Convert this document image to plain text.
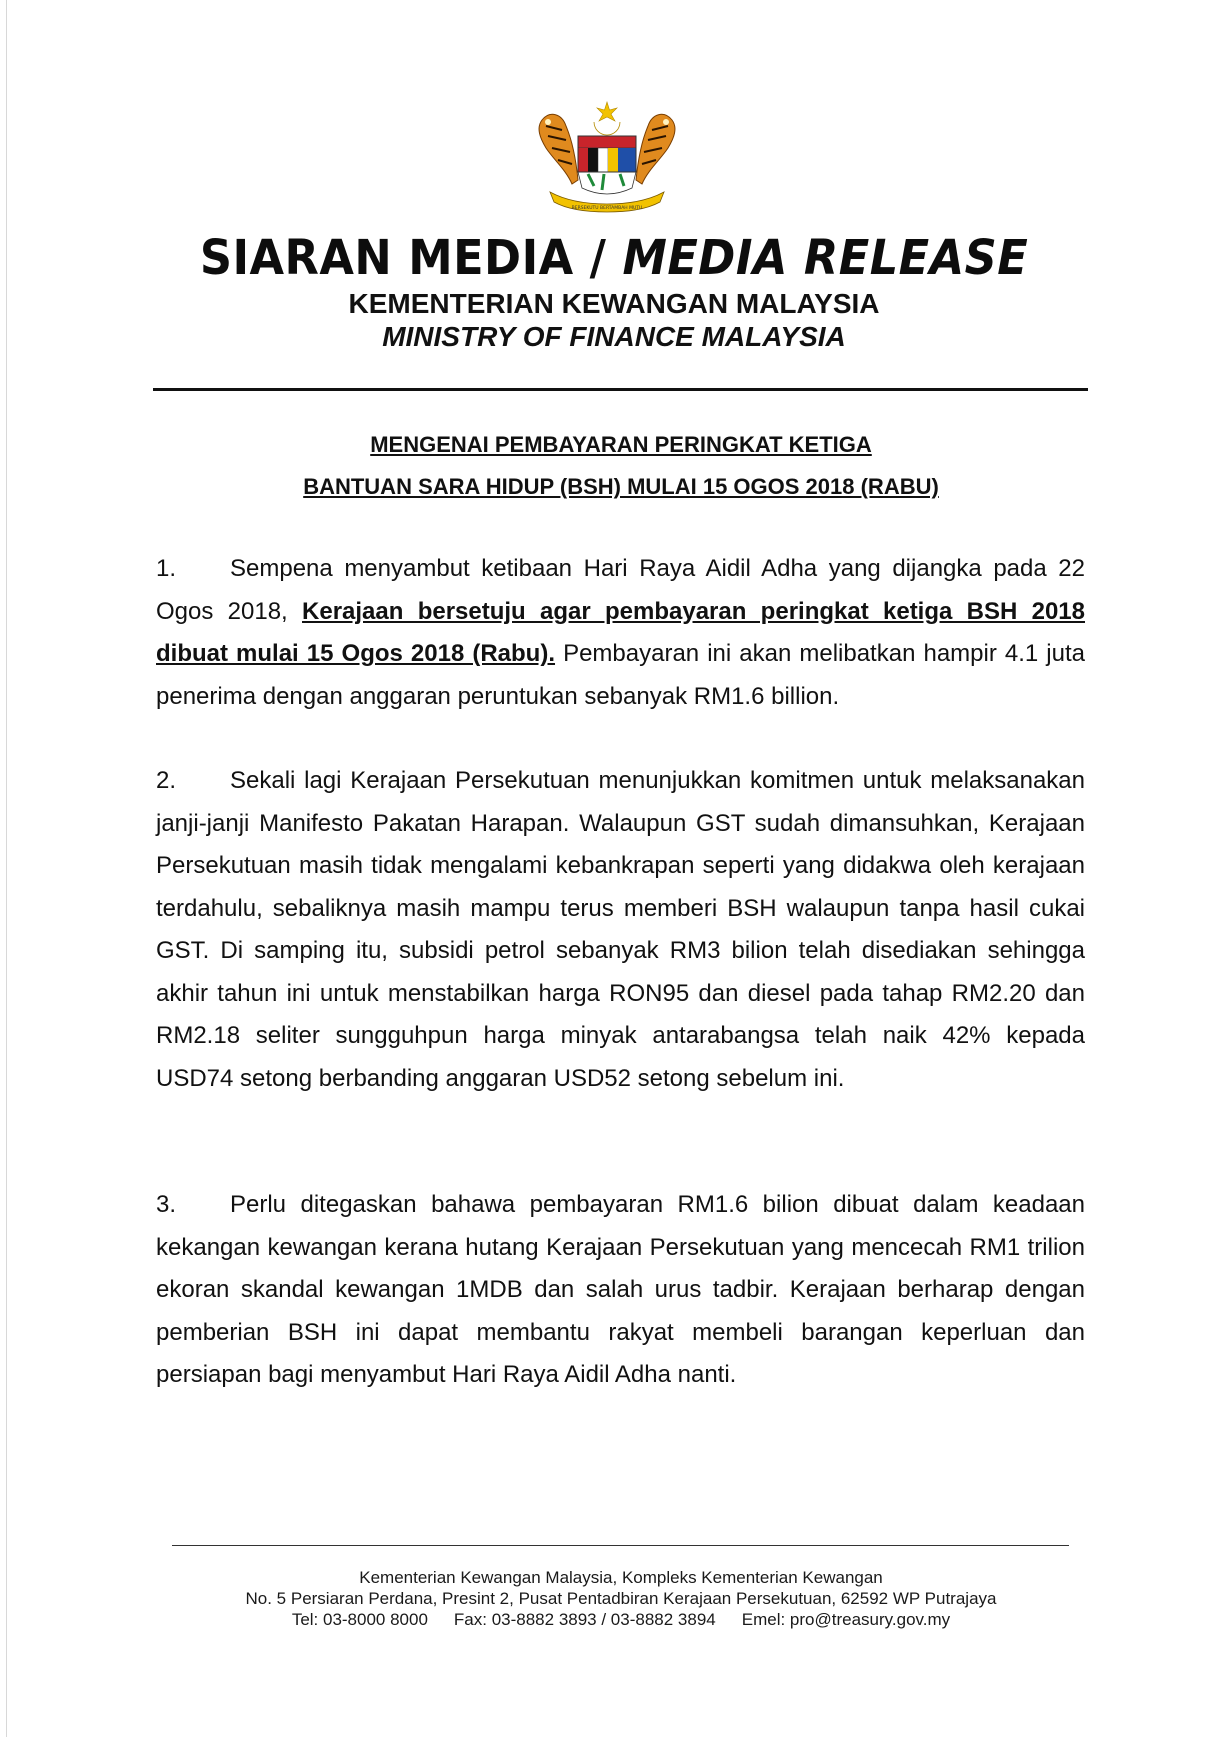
BERSEKUTU BERTAMBAH MUTU
SIARAN MEDIA / MEDIA RELEASE
KEMENTERIAN KEWANGAN MALAYSIA
MINISTRY OF FINANCE MALAYSIA
MENGENAI PEMBAYARAN PERINGKAT KETIGA
BANTUAN SARA HIDUP (BSH) MULAI 15 OGOS 2018 (RABU)
1. Sempena menyambut ketibaan Hari Raya Aidil Adha yang dijangka pada 22 Ogos 2018, Kerajaan bersetuju agar pembayaran peringkat ketiga BSH 2018 dibuat mulai 15 Ogos 2018 (Rabu). Pembayaran ini akan melibatkan hampir 4.1 juta penerima dengan anggaran peruntukan sebanyak RM1.6 billion.
2. Sekali lagi Kerajaan Persekutuan menunjukkan komitmen untuk melaksanakan janji-janji Manifesto Pakatan Harapan. Walaupun GST sudah dimansuhkan, Kerajaan Persekutuan masih tidak mengalami kebankrapan seperti yang didakwa oleh kerajaan terdahulu, sebaliknya masih mampu terus memberi BSH walaupun tanpa hasil cukai GST. Di samping itu, subsidi petrol sebanyak RM3 bilion telah disediakan sehingga akhir tahun ini untuk menstabilkan harga RON95 dan diesel pada tahap RM2.20 dan RM2.18 seliter sungguhpun harga minyak antarabangsa telah naik 42% kepada USD74 setong berbanding anggaran USD52 setong sebelum ini.
3. Perlu ditegaskan bahawa pembayaran RM1.6 bilion dibuat dalam keadaan kekangan kewangan kerana hutang Kerajaan Persekutuan yang mencecah RM1 trilion ekoran skandal kewangan 1MDB dan salah urus tadbir. Kerajaan berharap dengan pemberian BSH ini dapat membantu rakyat membeli barangan keperluan dan persiapan bagi menyambut Hari Raya Aidil Adha nanti.
Kementerian Kewangan Malaysia, Kompleks Kementerian Kewangan
No. 5 Persiaran Perdana, Presint 2, Pusat Pentadbiran Kerajaan Persekutuan, 62592 WP Putrajaya
Tel: 03-8000 8000 Fax: 03-8882 3893 / 03-8882 3894 Emel: pro@treasury.gov.my
